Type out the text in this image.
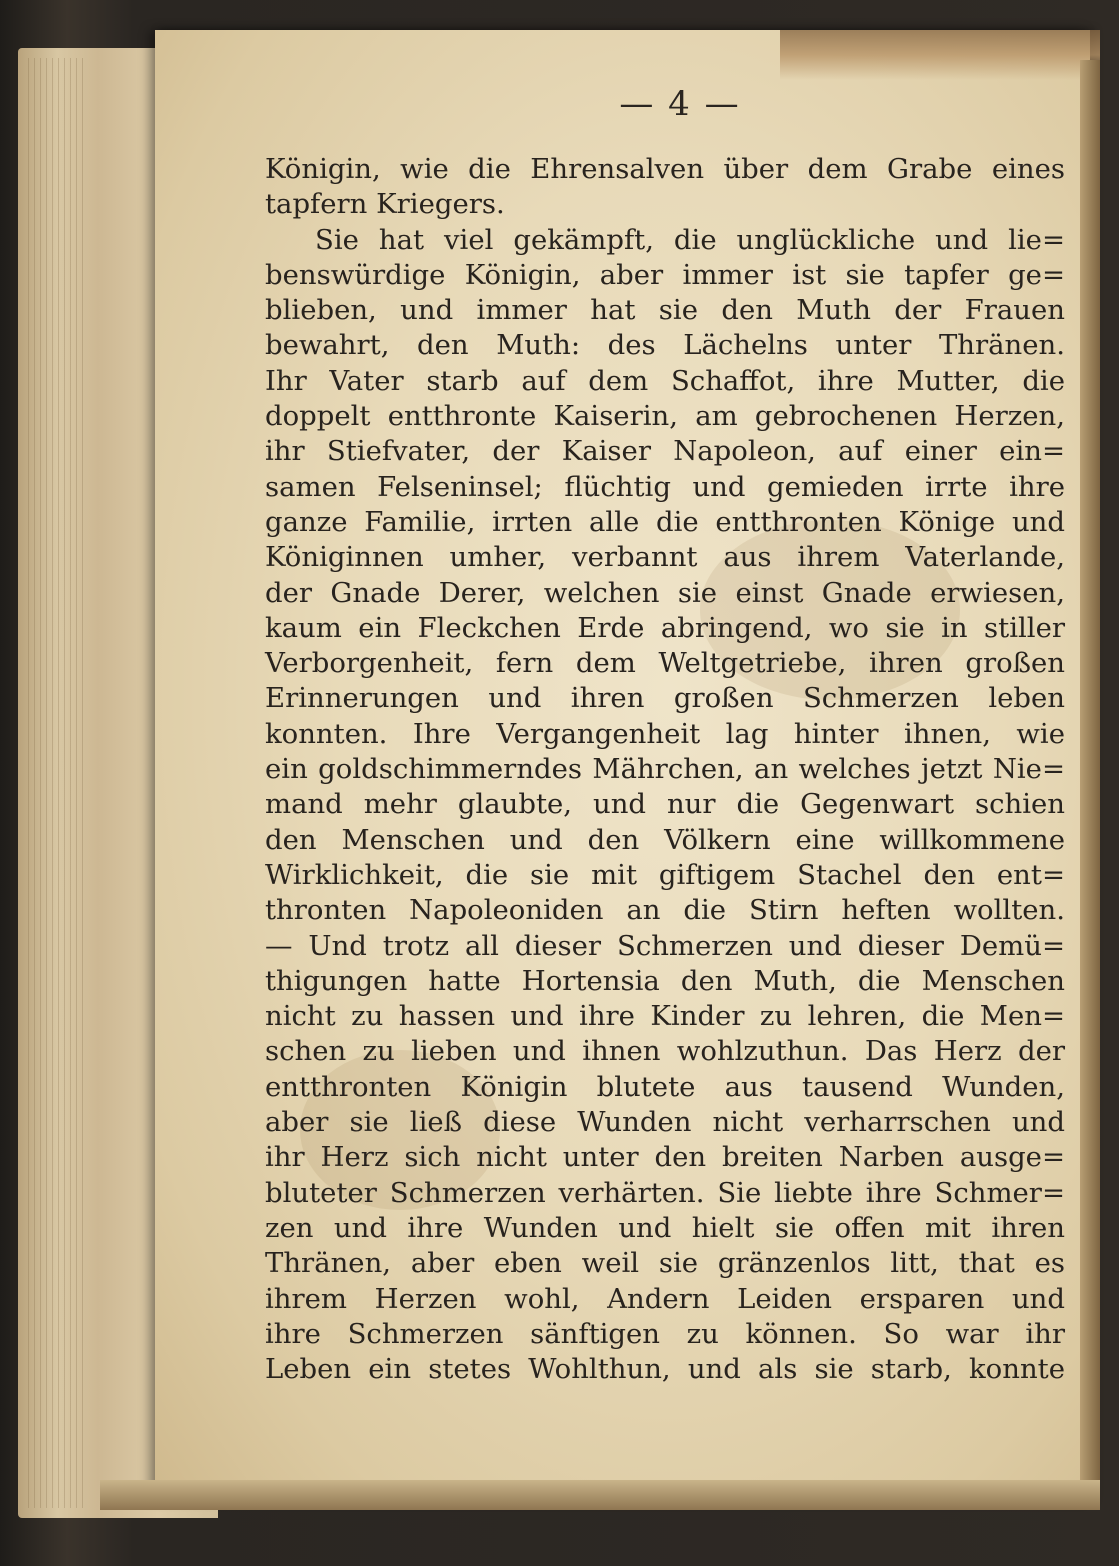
— 4 —
Königin, wie die Ehrensalven über dem Grabe eines
tapfern Kriegers.
Sie hat viel gekämpft, die unglückliche und lie=
benswürdige Königin, aber immer ist sie tapfer ge=
blieben, und immer hat sie den Muth der Frauen
bewahrt, den Muth: des Lächelns unter Thränen.
Ihr Vater starb auf dem Schaffot, ihre Mutter, die
doppelt entthronte Kaiserin, am gebrochenen Herzen,
ihr Stiefvater, der Kaiser Napoleon, auf einer ein=
samen Felseninsel; flüchtig und gemieden irrte ihre
ganze Familie, irrten alle die entthronten Könige und
Königinnen umher, verbannt aus ihrem Vaterlande,
der Gnade Derer, welchen sie einst Gnade erwiesen,
kaum ein Fleckchen Erde abringend, wo sie in stiller
Verborgenheit, fern dem Weltgetriebe, ihren großen
Erinnerungen und ihren großen Schmerzen leben
konnten. Ihre Vergangenheit lag hinter ihnen, wie
ein goldschimmerndes Mährchen, an welches jetzt Nie=
mand mehr glaubte, und nur die Gegenwart schien
den Menschen und den Völkern eine willkommene
Wirklichkeit, die sie mit giftigem Stachel den ent=
thronten Napoleoniden an die Stirn heften wollten.
— Und trotz all dieser Schmerzen und dieser Demü=
thigungen hatte Hortensia den Muth, die Menschen
nicht zu hassen und ihre Kinder zu lehren, die Men=
schen zu lieben und ihnen wohlzuthun. Das Herz der
entthronten Königin blutete aus tausend Wunden,
aber sie ließ diese Wunden nicht verharrschen und
ihr Herz sich nicht unter den breiten Narben ausge=
bluteter Schmerzen verhärten. Sie liebte ihre Schmer=
zen und ihre Wunden und hielt sie offen mit ihren
Thränen, aber eben weil sie gränzenlos litt, that es
ihrem Herzen wohl, Andern Leiden ersparen und
ihre Schmerzen sänftigen zu können. So war ihr
Leben ein stetes Wohlthun, und als sie starb, konnte
